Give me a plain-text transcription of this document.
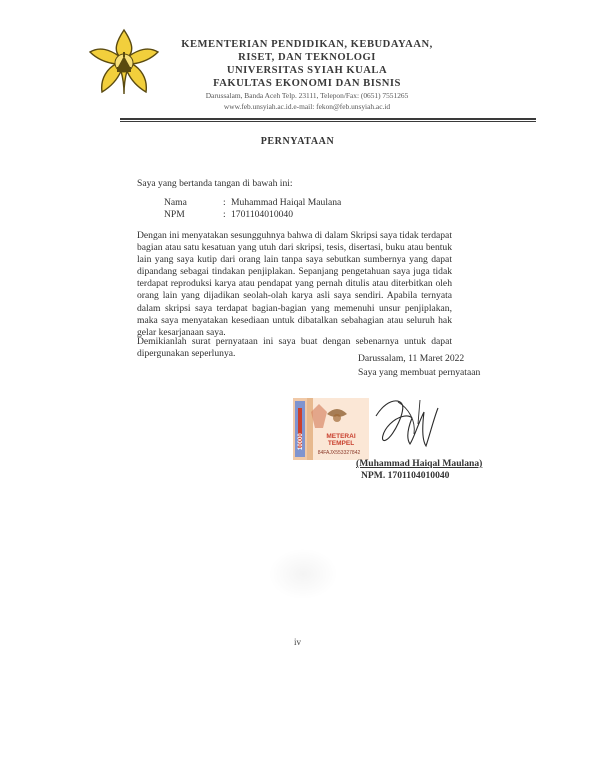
KEMENTERIAN PENDIDIKAN, KEBUDAYAAN,
RISET, DAN TEKNOLOGI
UNIVERSITAS SYIAH KUALA
FAKULTAS EKONOMI DAN BISNIS
Darussalam, Banda Aceh Telp. 23111, Telepon/Fax: (0651) 7551265
www.feb.unsyiah.ac.id.e-mail: fekon@feb.unsyiah.ac.id
PERNYATAAN
Saya yang bertanda tangan di bawah ini:
Nama	: Muhammad Haiqal Maulana
NPM	: 1701104010040
Dengan ini menyatakan sesungguhnya bahwa di dalam Skripsi saya tidak terdapat bagian atau satu kesatuan yang utuh dari skripsi, tesis, disertasi, buku atau bentuk lain yang saya kutip dari orang lain tanpa saya sebutkan sumbernya yang dapat dipandang sebagai tindakan penjiplakan. Sepanjang pengetahuan saya juga tidak terdapat reproduksi karya atau pendapat yang pernah ditulis atau diterbitkan oleh orang lain yang dijadikan seolah-olah karya asli saya sendiri. Apabila ternyata dalam skripsi saya terdapat bagian-bagian yang memenuhi unsur penjiplakan, maka saya menyatakan kesediaan untuk dibatalkan sebahagian atau seluruh hak gelar kesarjanaan saya.
Demikianlah surat pernyataan ini saya buat dengan sebenarnya untuk dapat dipergunakan seperlunya.	Darussalam, 11 Maret 2022
Saya yang membuat pernyataan
METERAI
TEMPEL
84FAJX553327842
10000
(Muhammad Haiqal Maulana)
NPM. 1701104010040
iv
